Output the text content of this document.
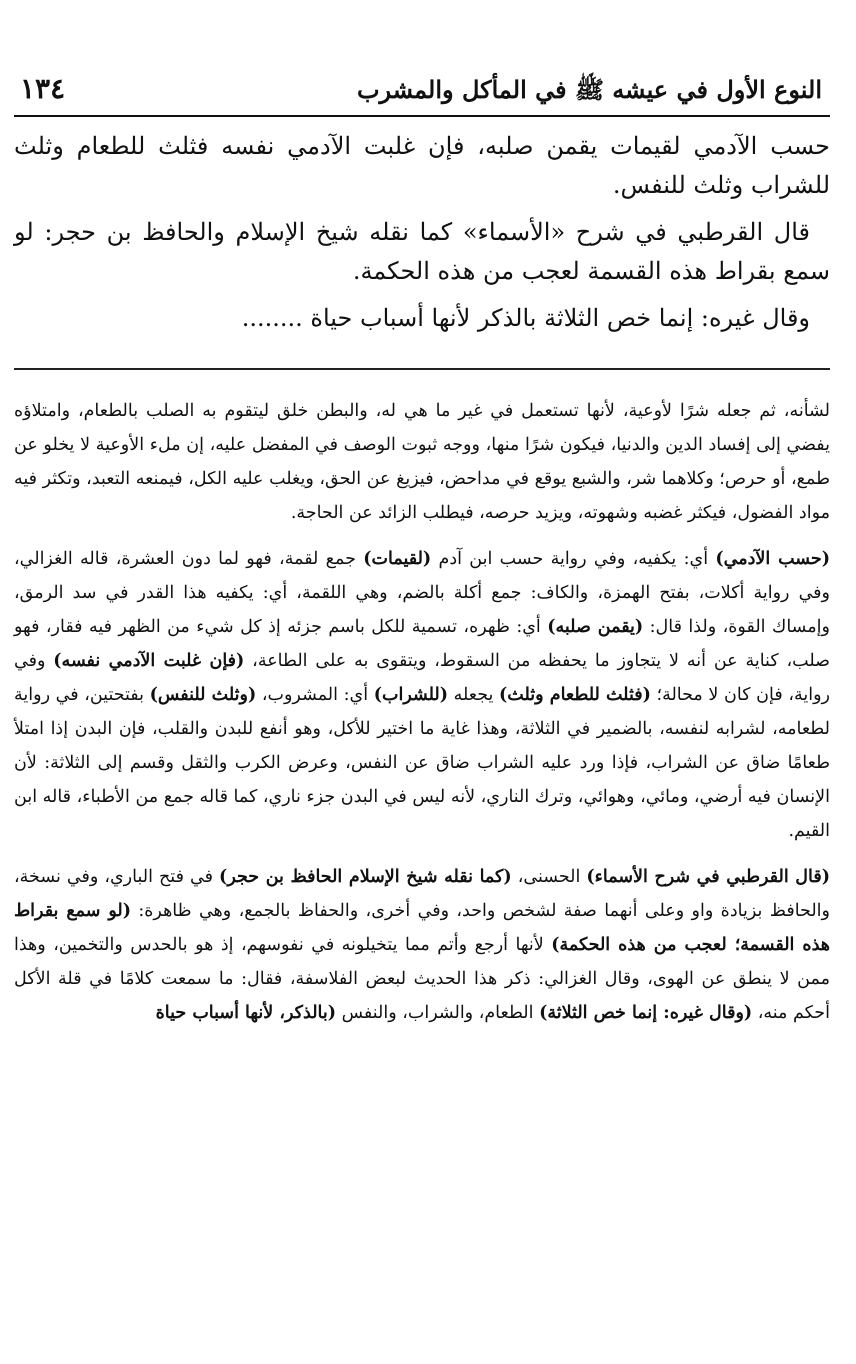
النوع الأول في عيشه ﷺ في المأكل والمشرب
١٣٤

حسب الآدمي لقيمات يقمن صلبه، فإن غلبت الآدمي نفسه فثلث للطعام وثلث للشراب وثلث للنفس.

قال القرطبي في شرح «الأسماء» كما نقله شيخ الإسلام والحافظ بن حجر: لو سمع بقراط هذه القسمة لعجب من هذه الحكمة.

وقال غيره: إنما خص الثلاثة بالذكر لأنها أسباب حياة ........

لشأنه، ثم جعله شرًا لأوعية، لأنها تستعمل في غير ما هي له، والبطن خلق ليتقوم به الصلب بالطعام، وامتلاؤه يفضي إلى إفساد الدين والدنيا، فيكون شرًا منها، ووجه ثبوت الوصف في المفضل عليه، إن ملء الأوعية لا يخلو عن طمع، أو حرص؛ وكلاهما شر، والشبع يوقع في مداحض، فيزيغ عن الحق، ويغلب عليه الكل، فيمنعه التعبد، وتكثر فيه مواد الفضول، فيكثر غضبه وشهوته، ويزيد حرصه، فيطلب الزائد عن الحاجة.

(حسب الآدمي) أي: يكفيه، وفي رواية حسب ابن آدم (لقيمات) جمع لقمة، فهو لما دون العشرة، قاله الغزالي، وفي رواية أكلات، بفتح الهمزة، والكاف: جمع أكلة بالضم، وهي اللقمة، أي: يكفيه هذا القدر في سد الرمق، وإمساك القوة، ولذا قال: (يقمن صلبه) أي: ظهره، تسمية للكل باسم جزئه إذ كل شيء من الظهر فيه فقار، فهو صلب، كناية عن أنه لا يتجاوز ما يحفظه من السقوط، ويتقوى به على الطاعة، (فإن غلبت الآدمي نفسه) وفي رواية، فإن كان لا محالة؛ (فثلث للطعام وثلث) يجعله (للشراب) أي: المشروب، (وثلث للنفس) بفتحتين، في رواية لطعامه، لشرابه لنفسه، بالضمير في الثلاثة، وهذا غاية ما اختير للأكل، وهو أنفع للبدن والقلب، فإن البدن إذا امتلأ طعامًا ضاق عن الشراب، فإذا ورد عليه الشراب ضاق عن النفس، وعرض الكرب والثقل وقسم إلى الثلاثة: لأن الإنسان فيه أرضي، ومائي، وهوائي، وترك الناري، لأنه ليس في البدن جزء ناري، كما قاله جمع من الأطباء، قاله ابن القيم.

(قال القرطبي في شرح الأسماء) الحسنى، (كما نقله شيخ الإسلام الحافظ بن حجر) في فتح الباري، وفي نسخة، والحافظ بزيادة واو وعلى أنهما صفة لشخص واحد، وفي أخرى، والحفاظ بالجمع، وهي ظاهرة: (لو سمع بقراط هذه القسمة؛ لعجب من هذه الحكمة) لأنها أرجع وأتم مما يتخيلونه في نفوسهم، إذ هو بالحدس والتخمين، وهذا ممن لا ينطق عن الهوى، وقال الغزالي: ذكر هذا الحديث لبعض الفلاسفة، فقال: ما سمعت كلامًا في قلة الأكل أحكم منه، (وقال غيره: إنما خص الثلاثة) الطعام، والشراب، والنفس (بالذكر، لأنها أسباب حياة
